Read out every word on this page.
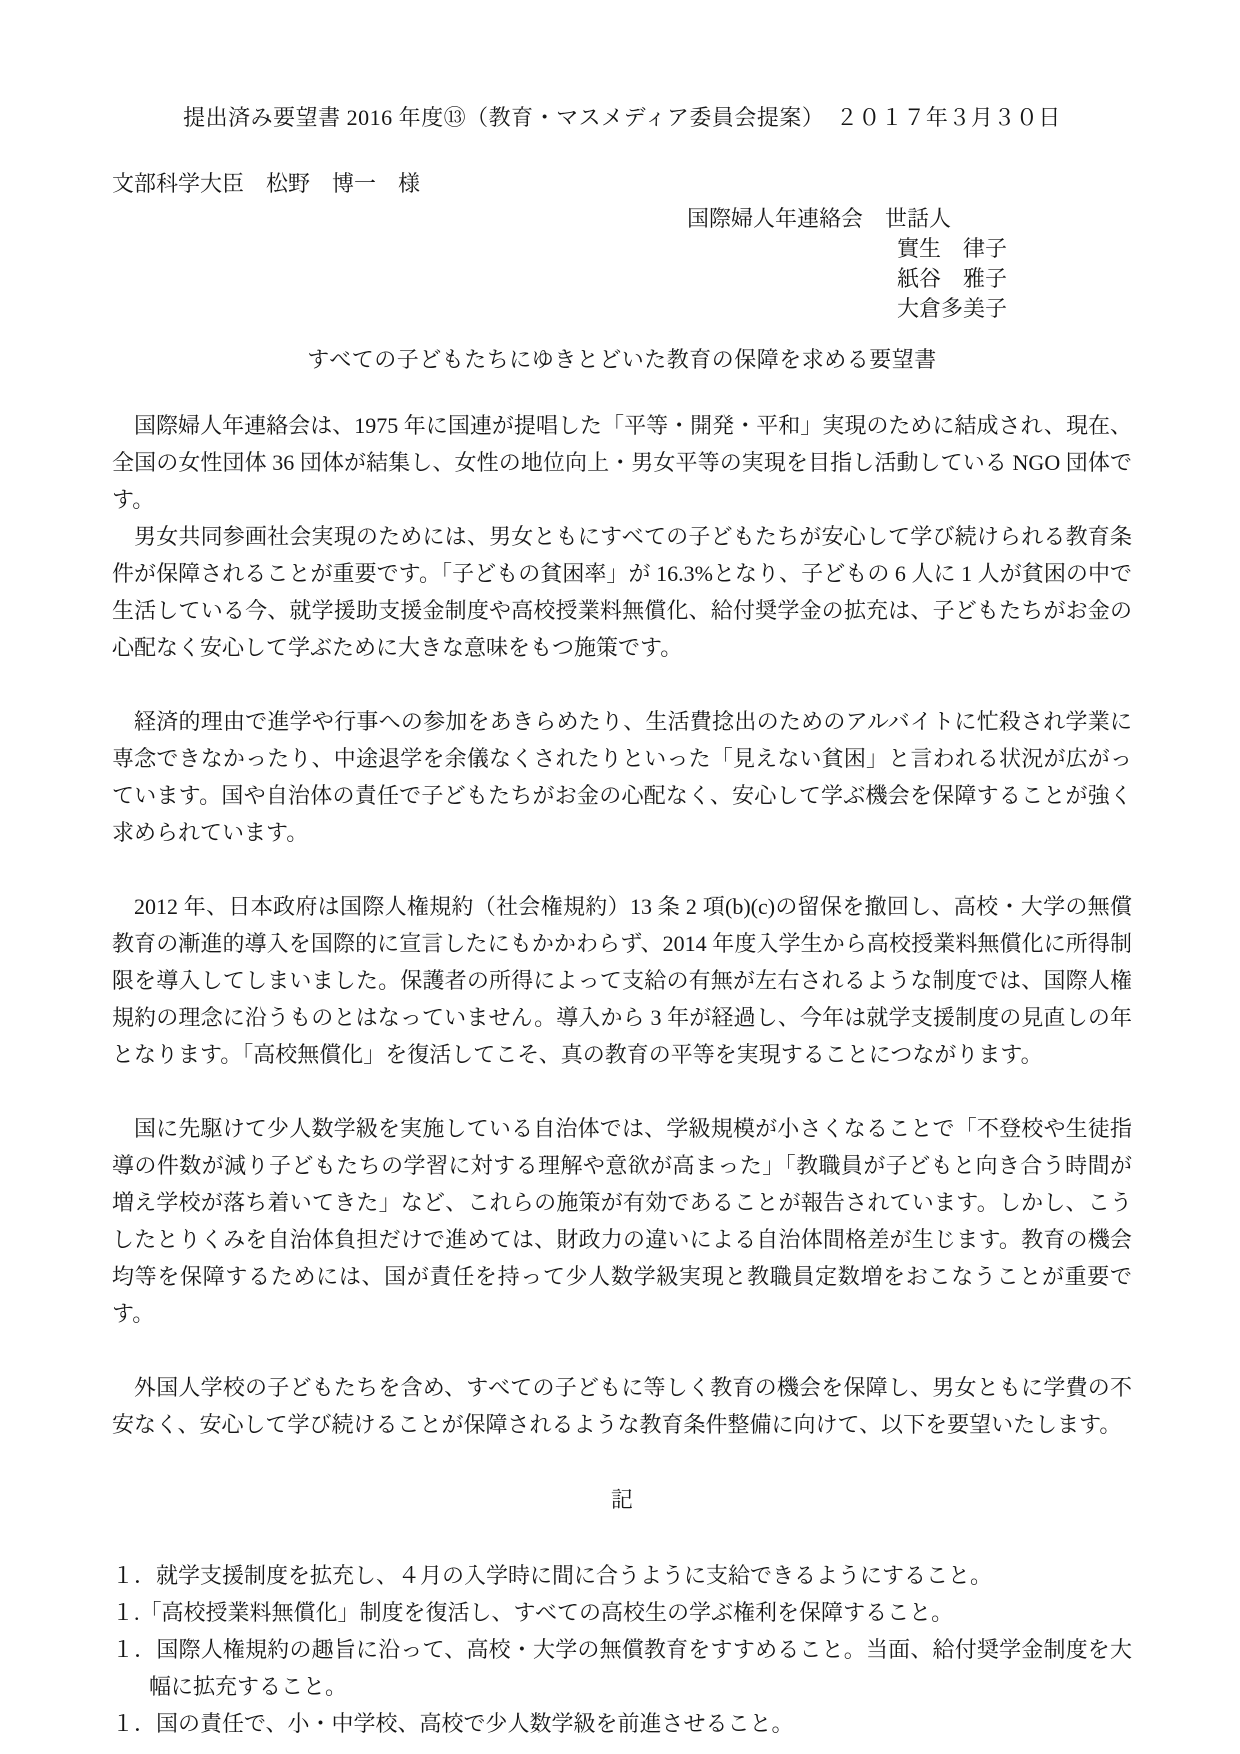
提出済み要望書 2016 年度⑬（教育・マスメディア委員会提案）　２０１７年３月３０日
文部科学大臣　松野　博一　様
国際婦人年連絡会　世話人
實生　律子
紙谷　雅子
大倉多美子
すべての子どもたちにゆきとどいた教育の保障を求める要望書

国際婦人年連絡会は、1975 年に国連が提唱した「平等・開発・平和」実現のために結成され、現在、全国の女性団体 36 団体が結集し、女性の地位向上・男女平等の実現を目指し活動している NGO 団体です。

男女共同参画社会実現のためには、男女ともにすべての子どもたちが安心して学び続けられる教育条件が保障されることが重要です。「子どもの貧困率」が 16.3%となり、子どもの 6 人に 1 人が貧困の中で生活している今、就学援助支援金制度や高校授業料無償化、給付奨学金の拡充は、子どもたちがお金の心配なく安心して学ぶために大きな意味をもつ施策です。

経済的理由で進学や行事への参加をあきらめたり、生活費捻出のためのアルバイトに忙殺され学業に専念できなかったり、中途退学を余儀なくされたりといった「見えない貧困」と言われる状況が広がっています。国や自治体の責任で子どもたちがお金の心配なく、安心して学ぶ機会を保障することが強く求められています。

2012 年、日本政府は国際人権規約（社会権規約）13 条 2 項(b)(c)の留保を撤回し、高校・大学の無償教育の漸進的導入を国際的に宣言したにもかかわらず、2014 年度入学生から高校授業料無償化に所得制限を導入してしまいました。保護者の所得によって支給の有無が左右されるような制度では、国際人権規約の理念に沿うものとはなっていません。導入から 3 年が経過し、今年は就学支援制度の見直しの年となります。「高校無償化」を復活してこそ、真の教育の平等を実現することにつながります。

国に先駆けて少人数学級を実施している自治体では、学級規模が小さくなることで「不登校や生徒指導の件数が減り子どもたちの学習に対する理解や意欲が高まった」「教職員が子どもと向き合う時間が増え学校が落ち着いてきた」など、これらの施策が有効であることが報告されています。しかし、こうしたとりくみを自治体負担だけで進めては、財政力の違いによる自治体間格差が生じます。教育の機会均等を保障するためには、国が責任を持って少人数学級実現と教職員定数増をおこなうことが重要です。

外国人学校の子どもたちを含め、すべての子どもに等しく教育の機会を保障し、男女ともに学費の不安なく、安心して学び続けることが保障されるような教育条件整備に向けて、以下を要望いたします。

記
１．就学支援制度を拡充し、４月の入学時に間に合うように支給できるようにすること。
１.「高校授業料無償化」制度を復活し、すべての高校生の学ぶ権利を保障すること。
１．国際人権規約の趣旨に沿って、高校・大学の無償教育をすすめること。当面、給付奨学金制度を大幅に拡充すること。
１．国の責任で、小・中学校、高校で少人数学級を前進させること。
